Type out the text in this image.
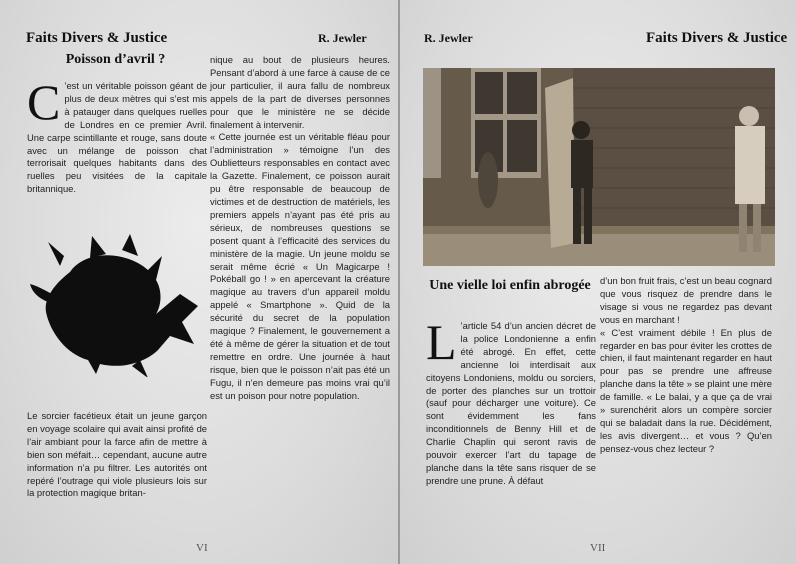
Faits Divers & Justice	R. Jewler
Poisson d’avril ?
C ’est un véritable poisson géant de plus de deux mètres qui s’est mis à patauger dans quelques ruelles de Londres en ce premier Avril. Une carpe scintillante et rouge, sans doute avec un mélange de poisson chat terrorisait quelques habitants dans des ruelles peu visitées de la capitale britannique.

Le sorcier facétieux était un jeune garçon en voyage scolaire qui avait ainsi profité de l’air ambiant pour la farce afin de mettre à bien son méfait… cependant, aucune autre information n’a pu filtrer. Les autorités ont repéré l’outrage qui viole plusieurs lois sur la protection magique britan-

nique au bout de plusieurs heures. Pensant d’abord à une farce à cause de ce jour particulier, il aura fallu de nombreux appels de la part de diverses personnes pour que le ministère ne se décide finalement à intervenir.

« Cette journée est un véritable fléau pour l’administration » témoigne l’un des Oublietteurs responsables en contact avec la Gazette. Finalement, ce poisson aurait pu être responsable de beaucoup de victimes et de destruction de matériels, les premiers appels n’ayant pas été pris au sérieux, de nombreuses questions se posent quant à l’efficacité des services du ministère de la magie. Un jeune moldu se serait même écrié « Un Magicarpe ! Pokéball go ! » en apercevant la créature magique au travers d’un appareil moldu appelé « Smartphone ». Quid de la sécurité du secret de la population magique ? Finalement, le gouvernement a été à même de gérer la situation et de tout remettre en ordre. Une journée à haut risque, bien que le poisson n’ait pas été un Fugu, il n’en demeure pas moins vrai qu’il est un poison pour notre population.

VI
R. Jewler	Faits Divers & Justice
Une vielle loi enfin abrogée
L ’article 54 d’un ancien décret de la police Londonienne a enfin été abrogé. En effet, cette ancienne loi interdisait aux citoyens Londoniens, moldu ou sorciers, de porter des planches sur un trottoir (sauf pour décharger une voiture). Ce sont évidemment les fans inconditionnels de Benny Hill et de Charlie Chaplin qui seront ravis de pouvoir exercer l’art du tapage de planche dans la tête sans risquer de se prendre une prune. À défaut

d’un bon fruit frais, c’est un beau cognard que vous risquez de prendre dans le visage si vous ne regardez pas devant vous en marchant !

« C’est vraiment débile ! En plus de regarder en bas pour éviter les crottes de chien, il faut maintenant regarder en haut pour pas se prendre une affreuse planche dans la tête » se plaint une mère de famille. « Le balai, y a que ça de vrai » surenchérit alors un compère sorcier qui se baladait dans la rue. Décidément, les avis divergent… et vous ? Qu’en pensez-vous chez lecteur ?

VII
